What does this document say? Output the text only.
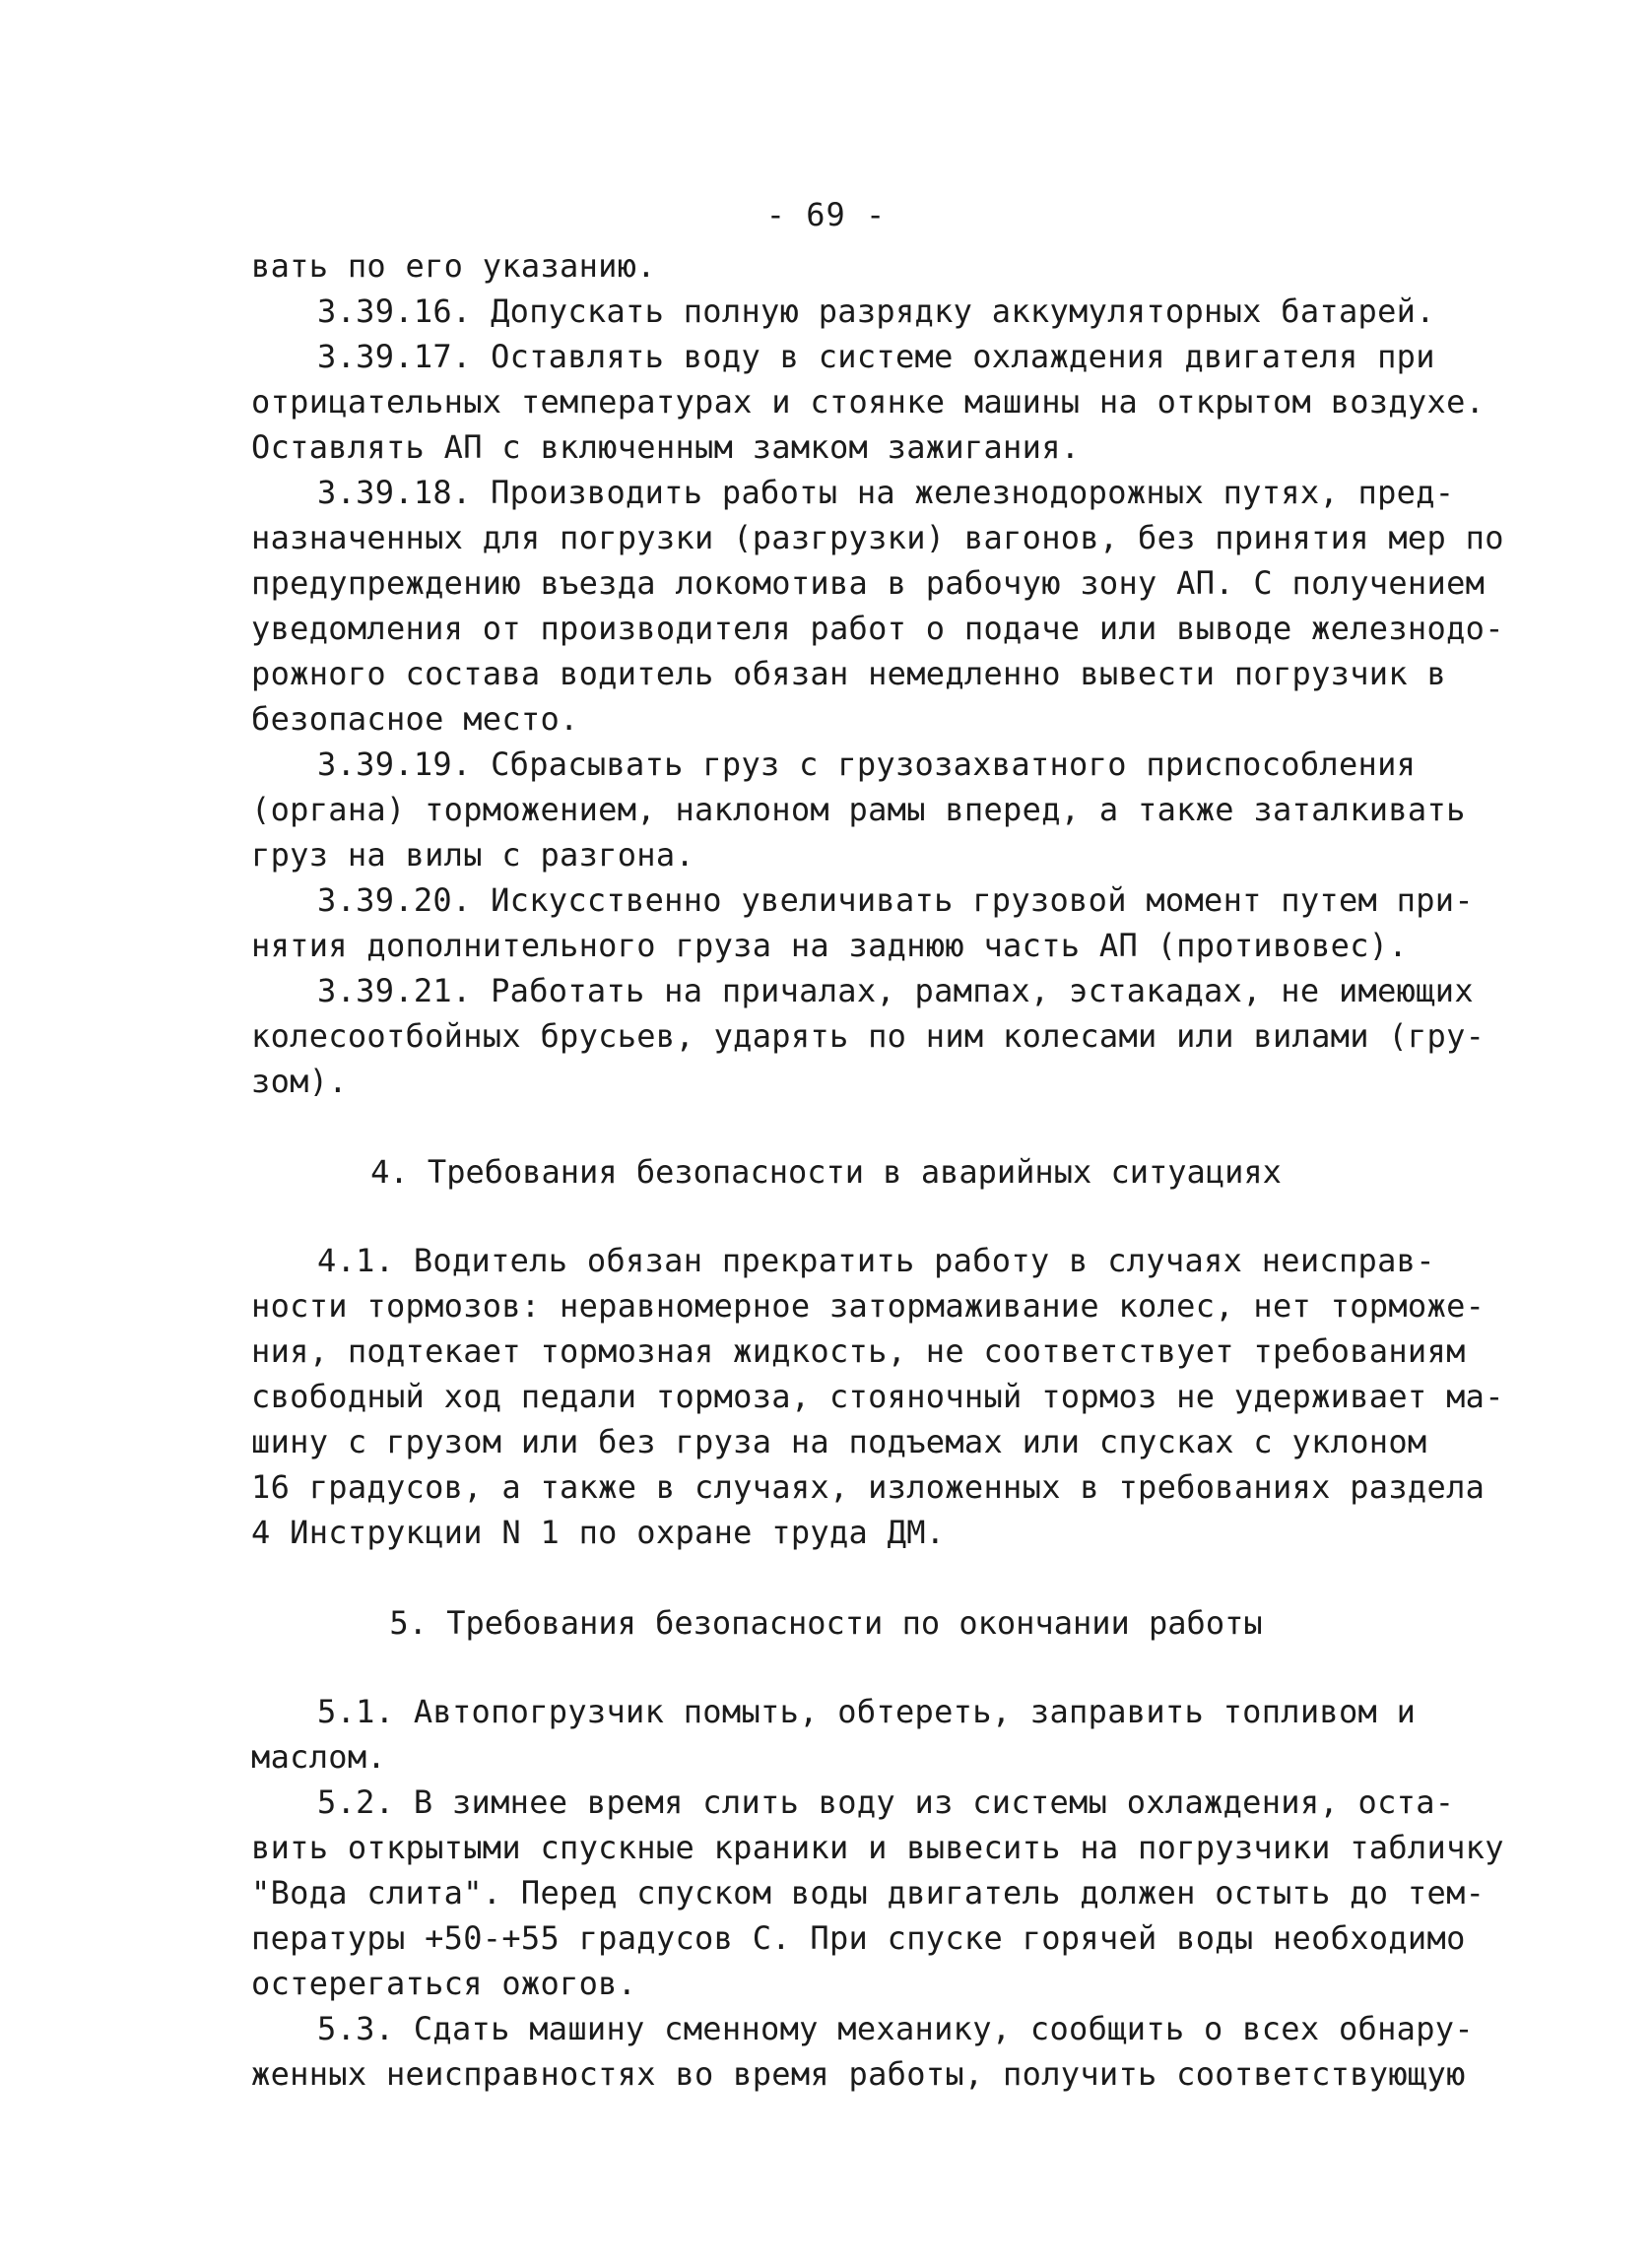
- 69 -
вать по его указанию.
3.39.16. Допускать полную разрядку аккумуляторных батарей.
3.39.17. Оставлять воду в системе охлаждения двигателя при
отрицательных температурах и стоянке машины на открытом воздухе.
Оставлять АП с включенным замком зажигания.
3.39.18. Производить работы на железнодорожных путях, пред-
назначенных для погрузки (разгрузки) вагонов, без принятия мер по
предупреждению въезда локомотива в рабочую зону АП. С получением
уведомления от производителя работ о подаче или выводе железнодо-
рожного состава водитель обязан немедленно вывести погрузчик в
безопасное место.
3.39.19. Сбрасывать груз с грузозахватного приспособления
(органа) торможением, наклоном рамы вперед, а также заталкивать
груз на вилы с разгона.
3.39.20. Искусственно увеличивать грузовой момент путем при-
нятия дополнительного груза на заднюю часть АП (противовес).
3.39.21. Работать на причалах, рампах, эстакадах, не имеющих
колесоотбойных брусьев, ударять по ним колесами или вилами (гру-
зом).
4. Требования безопасности в аварийных ситуациях
4.1. Водитель обязан прекратить работу в случаях неисправ-
ности тормозов: неравномерное затормаживание колес, нет торможе-
ния, подтекает тормозная жидкость, не соответствует требованиям
свободный ход педали тормоза, стояночный тормоз не удерживает ма-
шину с грузом или без груза на подъемах или спусках с уклоном
16 градусов, а также в случаях, изложенных в требованиях раздела
4 Инструкции N 1 по охране труда ДМ.
5. Требования безопасности по окончании работы
5.1. Автопогрузчик помыть, обтереть, заправить топливом и
маслом.
5.2. В зимнее время слить воду из системы охлаждения, оста-
вить открытыми спускные краники и вывесить на погрузчики табличку
"Вода слита". Перед спуском воды двигатель должен остыть до тем-
пературы +50-+55 градусов С. При спуске горячей воды необходимо
остерегаться ожогов.
5.3. Сдать машину сменному механику, сообщить о всех обнару-
женных неисправностях во время работы, получить соответствующую
